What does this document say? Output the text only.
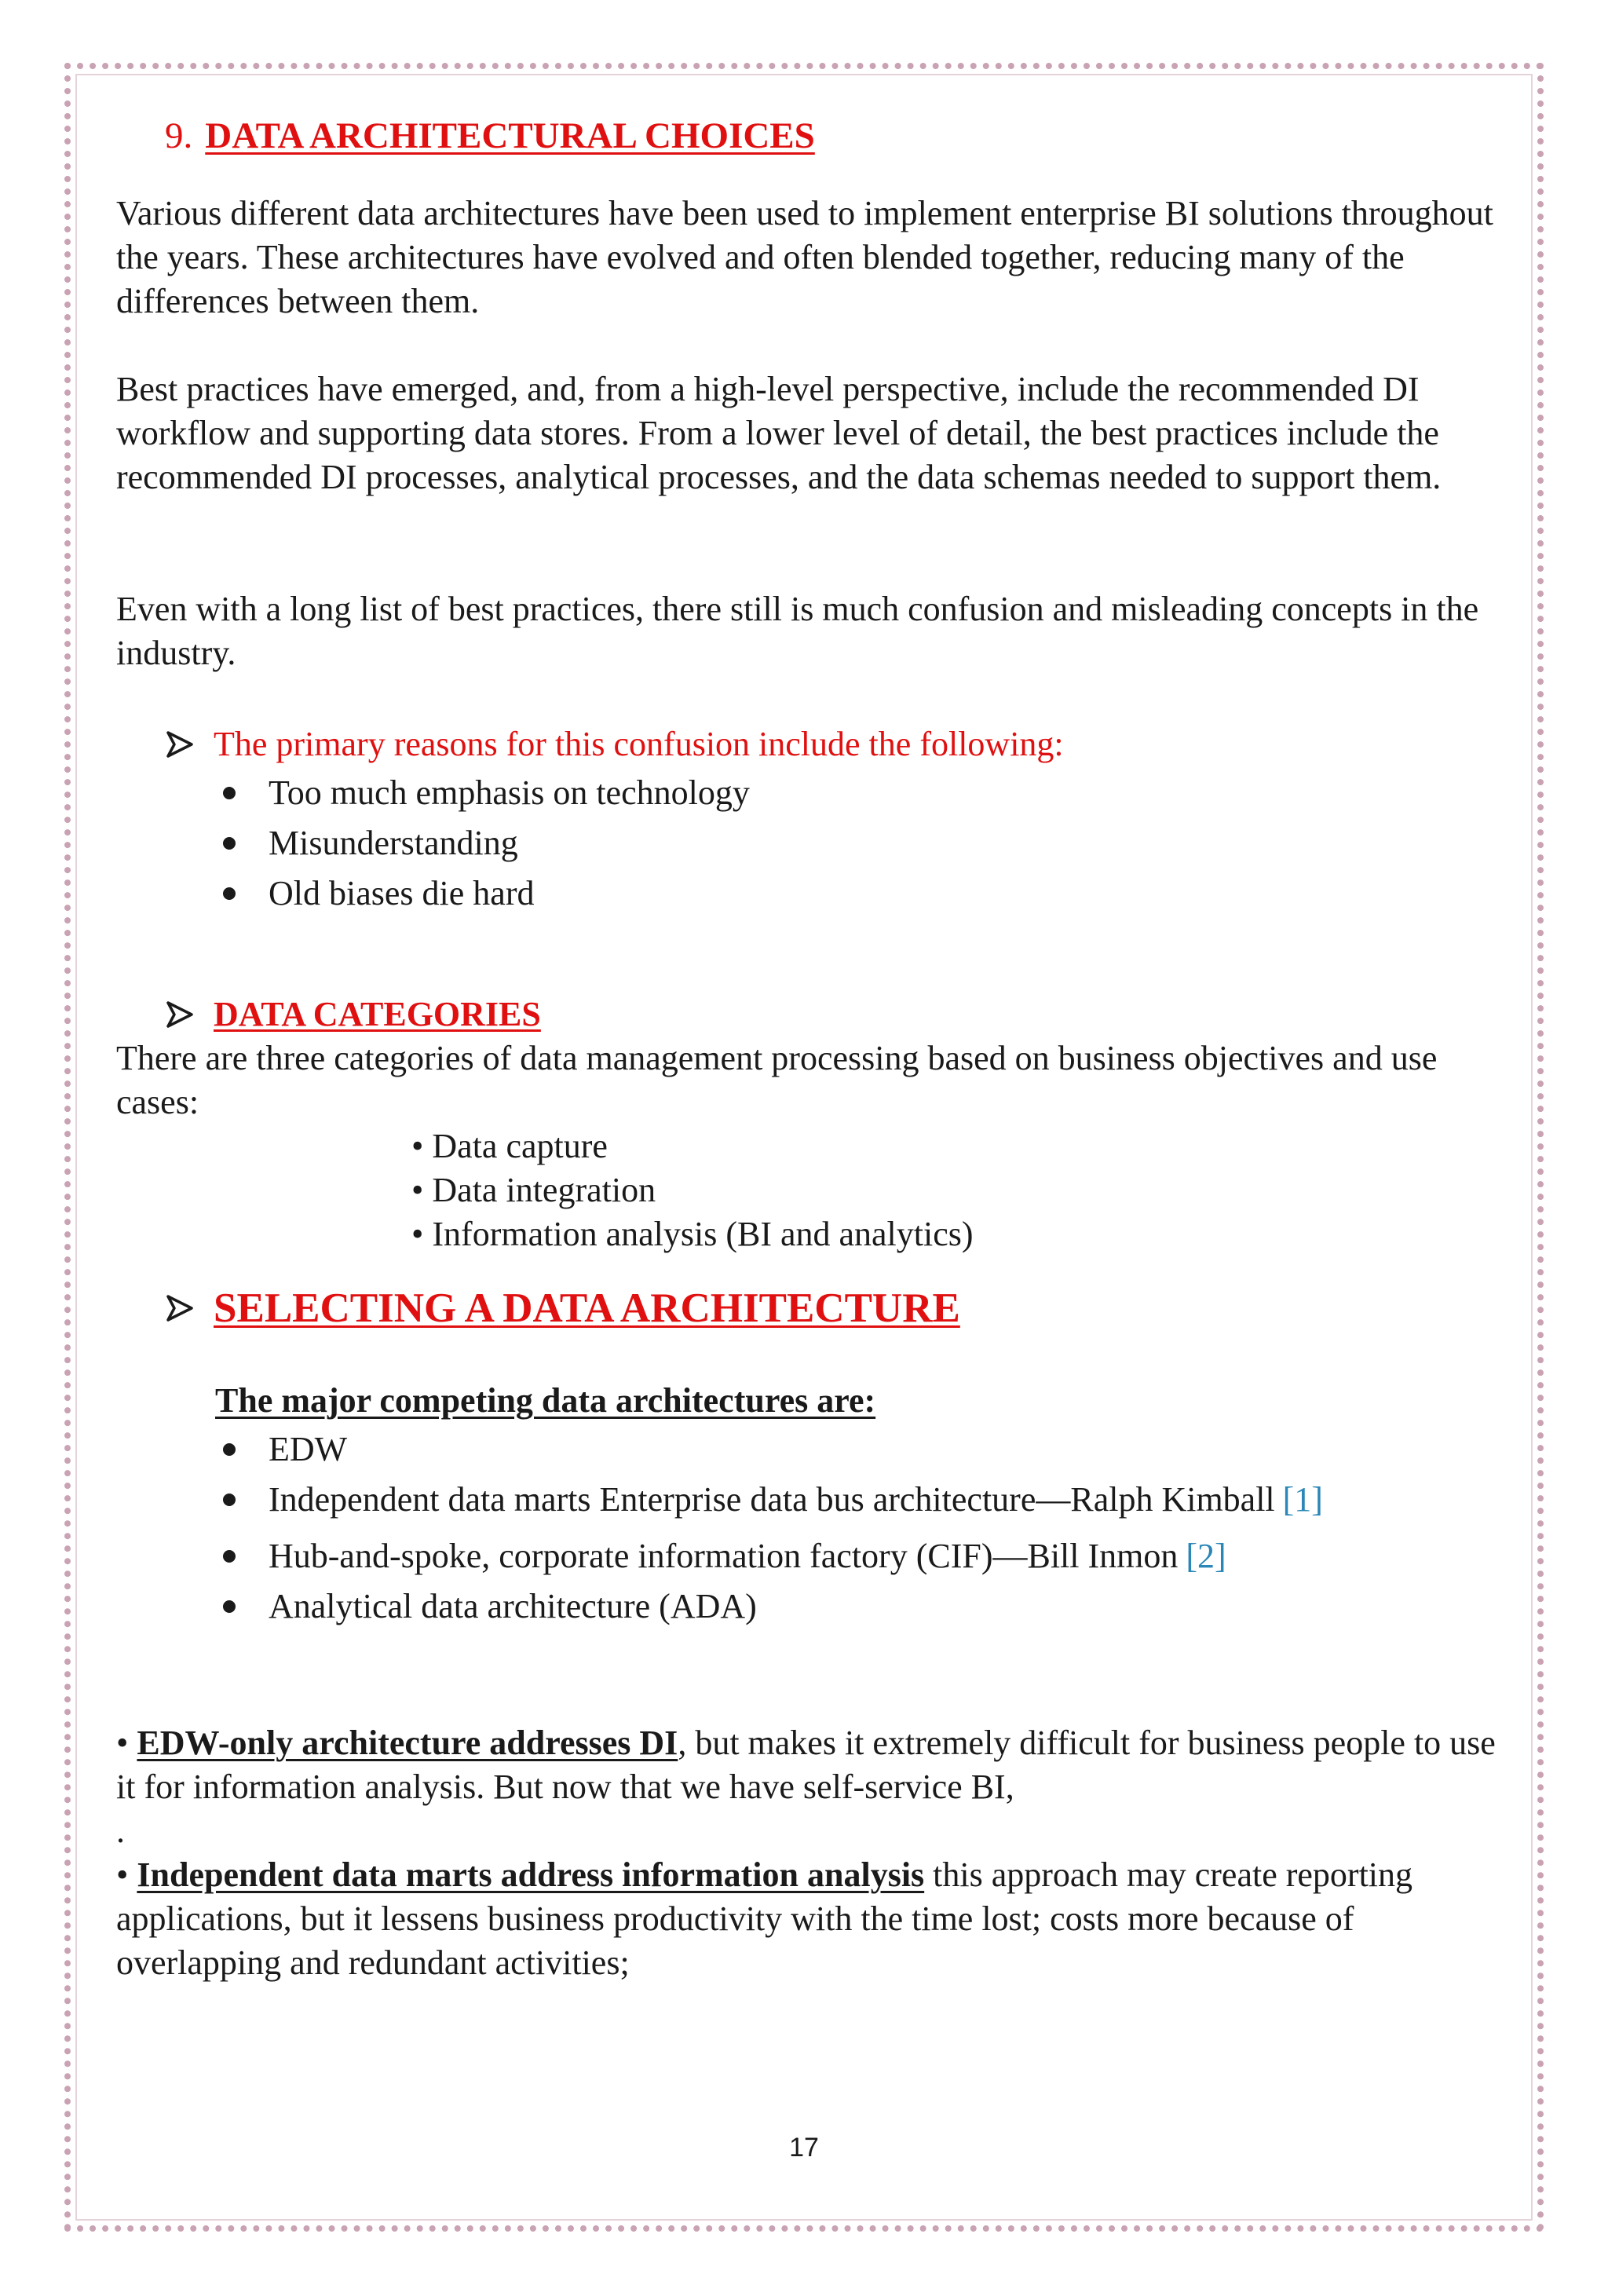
9. DATA ARCHITECTURAL CHOICES

Various different data architectures have been used to implement enterprise BI solutions throughout the years. These architectures have evolved and often blended together, reducing many of the differences between them.

Best practices have emerged, and, from a high-level perspective, include the recommended DI workflow and supporting data stores. From a lower level of detail, the best practices include the recommended DI processes, analytical processes, and the data schemas needed to support them.

Even with a long list of best practices, there still is much confusion and misleading concepts in the industry.

The primary reasons for this confusion include the following:
Too much emphasis on technology
Misunderstanding
Old biases die hard
DATA CATEGORIES

There are three categories of data management processing based on business objectives and use cases:

• Data capture
• Data integration
• Information analysis (BI and analytics)
SELECTING A DATA ARCHITECTURE
The major competing data architectures are:
EDW
Independent data marts Enterprise data bus architecture—Ralph Kimball [1]
Hub-and-spoke, corporate information factory (CIF)—Bill Inmon [2]
Analytical data architecture (ADA)

• EDW-only architecture addresses DI, but makes it extremely difficult for business people to use it for information analysis. But now that we have self-service BI,

.

• Independent data marts address information analysis this approach may create reporting applications, but it lessens business productivity with the time lost; costs more because of overlapping and redundant activities;

17
